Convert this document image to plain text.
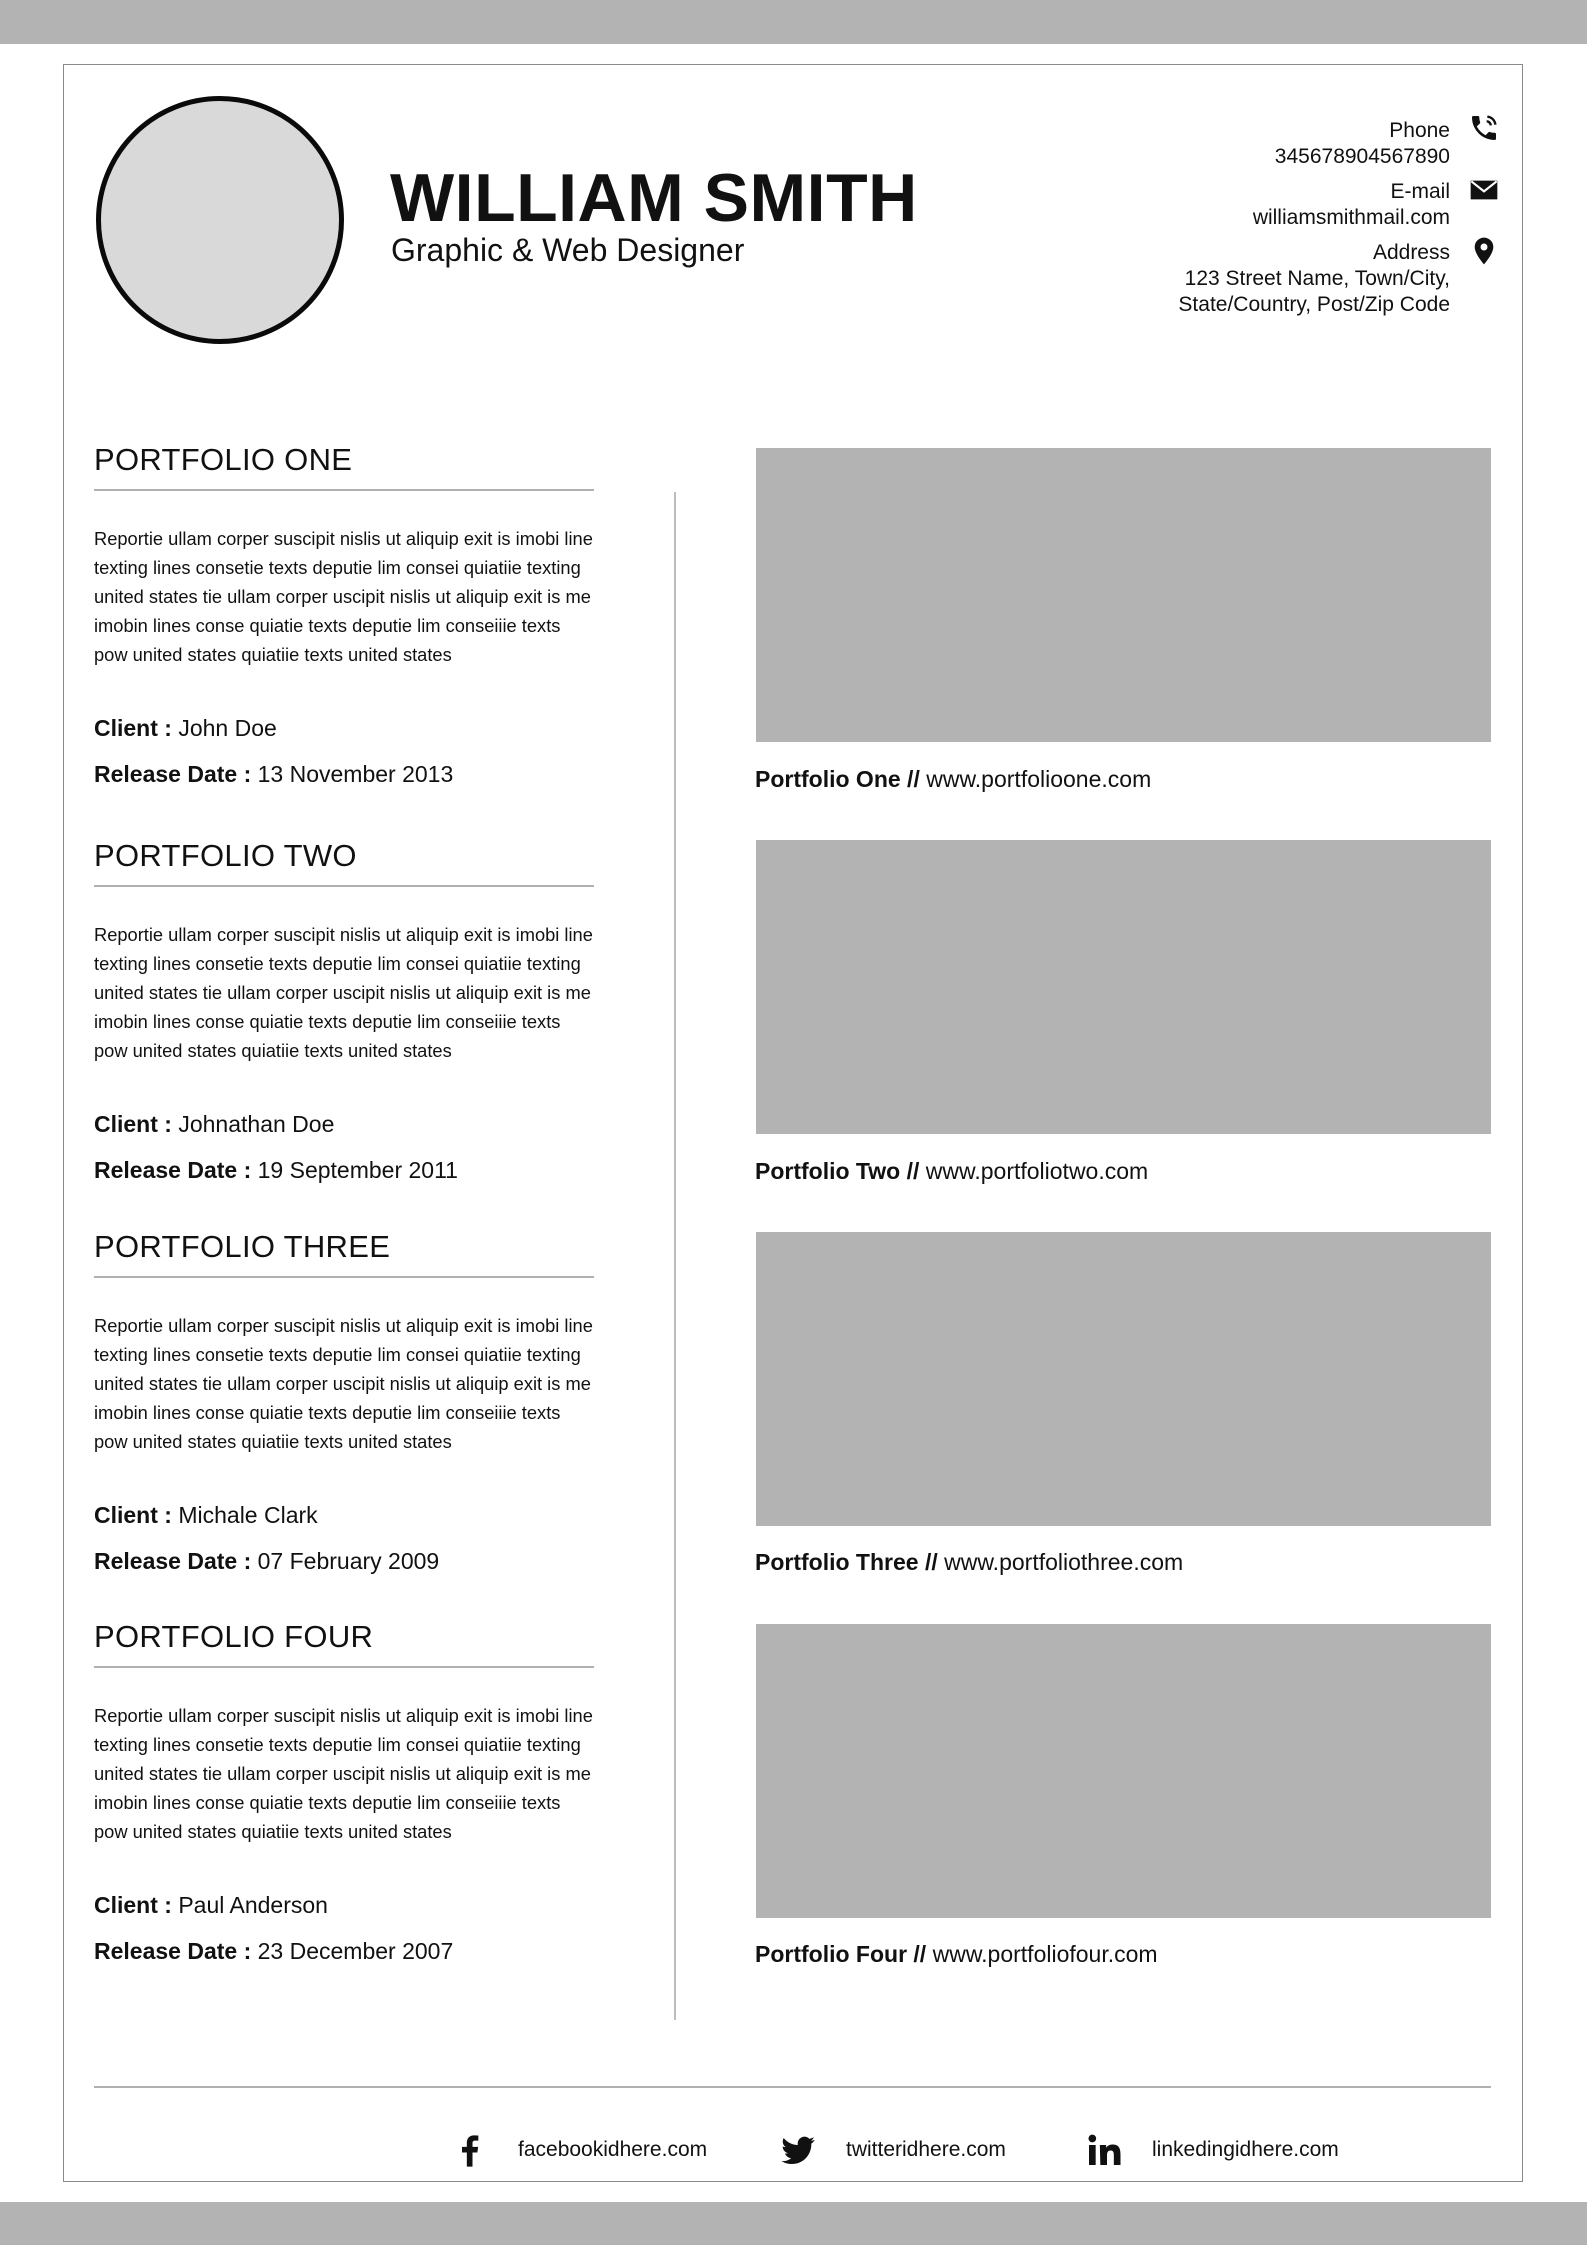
WILLIAM SMITH
Graphic & Web Designer
Phone
345678904567890
E-mail
williamsmithmail.com
Address
123 Street Name, Town/City,
State/Country, Post/Zip Code
PORTFOLIO ONE
Reportie ullam corper suscipit nislis ut aliquip exit is imobi line texting lines consetie texts deputie lim consei quiatiie texting united states tie ullam corper uscipit nislis ut aliquip exit is me imobin lines conse quiatie texts deputie lim conseiiie texts pow united states quiatiie texts united states
Client : John Doe
Release Date : 13 November 2013
PORTFOLIO TWO
Reportie ullam corper suscipit nislis ut aliquip exit is imobi line texting lines consetie texts deputie lim consei quiatiie texting united states tie ullam corper uscipit nislis ut aliquip exit is me imobin lines conse quiatie texts deputie lim conseiiie texts pow united states quiatiie texts united states
Client : Johnathan Doe
Release Date : 19 September 2011
PORTFOLIO THREE
Reportie ullam corper suscipit nislis ut aliquip exit is imobi line texting lines consetie texts deputie lim consei quiatiie texting united states tie ullam corper uscipit nislis ut aliquip exit is me imobin lines conse quiatie texts deputie lim conseiiie texts pow united states quiatiie texts united states
Client : Michale Clark
Release Date : 07 February 2009
PORTFOLIO FOUR
Reportie ullam corper suscipit nislis ut aliquip exit is imobi line texting lines consetie texts deputie lim consei quiatiie texting united states tie ullam corper uscipit nislis ut aliquip exit is me imobin lines conse quiatie texts deputie lim conseiiie texts pow united states quiatiie texts united states
Client : Paul Anderson
Release Date : 23 December 2007
Portfolio One // www.portfolioone.com
Portfolio Two // www.portfoliotwo.com
Portfolio Three // www.portfoliothree.com
Portfolio Four // www.portfoliofour.com
facebookidhere.com	twitteridhere.com	linkedingidhere.com
